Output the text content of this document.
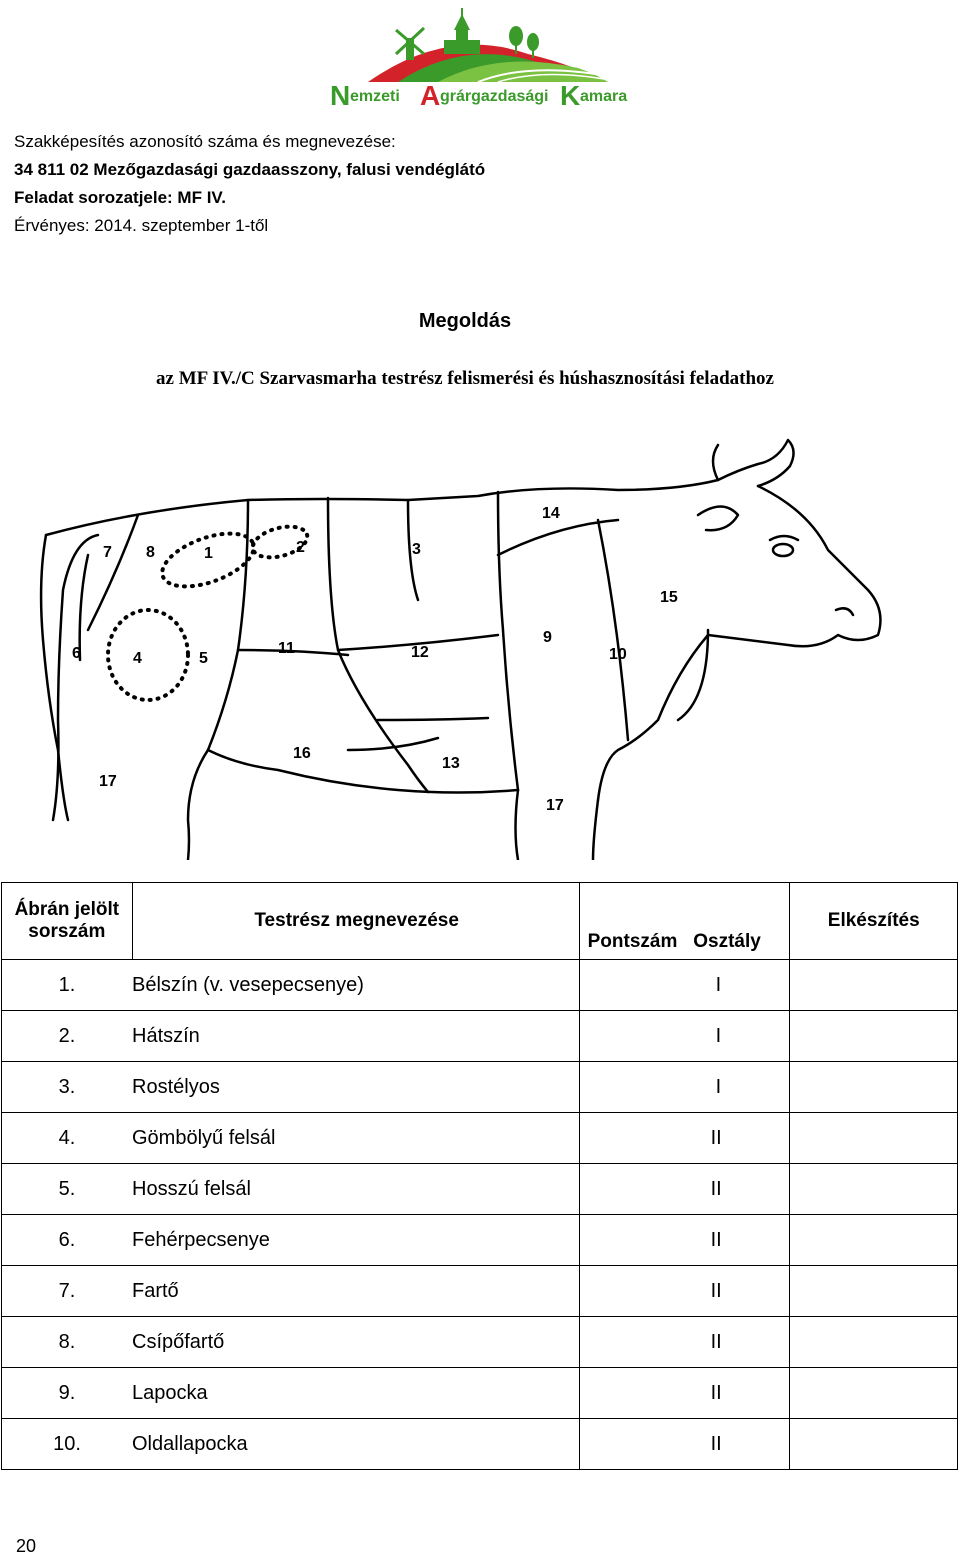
N emzeti A grárgazdasági K amara
Szakképesítés azonosító száma és megnevezése:
34 811 02 Mezőgazdasági gazdaasszony, falusi vendéglátó
Feladat sorozatjele: MF IV.
Érvényes: 2014. szeptember 1-től
Megoldás
az MF IV./C Szarvasmarha testrész felismerési és húshasznosítási feladathoz
7 8	1	2	3
14
15
6	4	5
11	12
9
10
16
13
17
17
Ábrán jelölt sorszám	Testrész megnevezése	Pontszám Osztály	Elkészítés
1. Bélszín (v. vesepecsenye)		I	
2. Hátszín		I	
3. Rostélyos		I	
4. Gömbölyű felsál		II	
5. Hosszú felsál		II	
6. Fehérpecsenye		II	
7. Fartő		II	
8. Csípőfartő		II	
9. Lapocka		II	
10. Oldallapocka		II	
20
